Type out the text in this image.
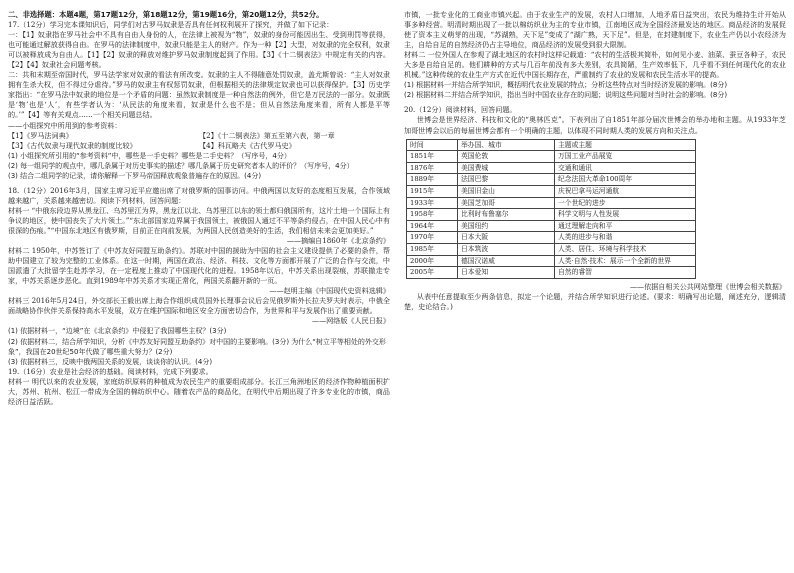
二、非选择题：本题4题，第17题12分，第18题12分，第19题16分，第20题12分，共52分。

17.（12分）学习完本课知识后，同学们对古罗马奴隶是否具有任何权利展开了探究，并做了如下记录：

一：【1】奴隶指在罗马社会中不具有自由人身份的人，在法律上被视为“物”，奴隶的身份可能因出生、受到刑罚等获得，也可能通过解放获得自由。在罗马的法律制度中，奴隶只能是主人的财产。作为一种【2】大型，对奴隶的完全权利，奴隶可以被释放成为自由人。【1】【2】奴隶的释放对维护罗马奴隶制度起到了作用。【3】《十二铜表法》中规定有关的内容。【2】【4】奴隶社会问题考核。

二：共和末期至帝国时代，罗马法学家对奴隶的看法有所改变。奴隶的主人不得随意处罚奴隶，盖尤斯曾说：“主人对奴隶拥有生杀大权，但不得过分虐待。”罗马的奴隶主有权惩罚奴隶，但根据相关的法律规定奴隶也可以获得保护。【3】历史学家指出：“在罗马法中奴隶的地位是一个矛盾的问题：虽然奴隶制度是一种自然法的例外，但它是万民法的一部分。奴隶既是‘物’也是‘人’，有些学者认为：‘从民法的角度来看，奴隶是什么也不是；但从自然法角度来看，所有人都是平等的。’”【4】等有关观点……一个相关问题总结。

——小组探究中所用到的参考资料：

【1】《罗马法词典》	【2】《十二铜表法》第五至第六表，第一章
【3】《古代奴隶与现代奴隶的制度比较》	【4】科瓦略夫《古代罗马史》

(1) 小组探究所引用的“参考资料”中，哪些是一手史料？哪些是二手史料？（写序号，4分）

(2) 每一组同学的观点中，哪几条属于对历史事实的描述？哪几条属于历史研究者本人的评价？（写序号，4分）

(3) 结合二组同学的记录，请你解释一下罗马帝国释放观象普遍存在的原因。(4分)

18.（12分）2016年3月，国家主席习近平应邀出席了对俄罗斯的国事访问。中俄两国以友好的态度相互发展，合作领域越来越广，关系越来越密切。阅读下列材料，回答问题：

材料一 “中俄东段边界从黑龙江、乌苏里江为界，黑龙江以北、乌苏里江以东的领土都归俄国所有，这片土地一个国际上有争议的地区，使中国丧失了大片领土。”“东北部国家边界属于我国领土，被俄国人通过不平等条约侵占，在中国人民心中有很深的伤痕。”“中国东北地区有俄罗斯，目前正在向前发展，为两国人民创造美好的生活，我们相信未来会更加美好。”

——摘编自1860年《北京条约》

材料二 1950年，中苏签订了《中苏友好同盟互助条约》。苏联对中国的援助为中国的社会主义建设提供了必要的条件，帮助中国建立了较为完整的工业体系。在这一时期，两国在政治、经济、科技、文化等方面都开展了广泛的合作与交流，中国派遣了大批留学生赴苏学习，在一定程度上推动了中国现代化的进程。1958年以后，中苏关系出现裂痕，苏联撤走专家，中苏关系逐步恶化。直到1989年中苏关系才实现正常化，两国关系翻开新的一页。

——赵明主编《中国现代史资料选辑》

材料三 2016年5月24日，外交部长王毅出席上海合作组织成员国外长理事会议后会见俄罗斯外长拉夫罗夫时表示，中俄全面战略协作伙伴关系保持高水平发展，双方在维护国际和地区安全方面密切合作，为世界和平与发展作出了重要贡献。

——网络版《人民日报》

(1) 依据材料一，“边境”在《北京条约》中侵犯了我国哪些主权？(3分)

(2) 依据材料二，结合所学知识，分析《中苏友好同盟互助条约》对中国的主要影响。(3分) 为什么“树立平等相处的外交形象”，我国在20世纪50年代做了哪些重大努力？(2分)

(3) 依据材料三，反映中俄两国关系的发展，谈谈你的认识。(4分)

19.（16分）农业是社会经济的基础。阅读材料，完成下列要求。

材料一 明代以来的农业发展，家庭纺织原料的种植成为农民生产的重要组成部分。长江三角洲地区的经济作物种植面积扩大，苏州、杭州、松江一带成为全国的棉纺织中心。随着农产品的商品化，在明代中后期出现了许多专业化的市镇，商品经济日益活跃。

市镇，一批专业化的工商业市镇兴起。由于农业生产的发展，农村人口增加，人地矛盾日益突出，农民为维持生计开始从事多种经营。明清时期出现了一批以棉纺织业为主的专业市镇，江南地区成为全国经济最发达的地区。商品经济的发展促使了资本主义萌芽的出现，“苏湖熟，天下足”变成了“湖广熟，天下足”。但是，在封建制度下，农业生产仍以小农经济为主，自给自足的自然经济仍占主导地位，商品经济的发展受到很大限制。

材料二 一位外国人在参观了湖北地区的农村时这样记载道：“农村的生活极其简朴，如何见小麦、油菜、蚕豆各种子，农民大多是自给自足的。他们耕种的方式与几百年前没有多大差别，农具简陋，生产效率低下，几乎看不到任何现代化的农业机械。”这种传统的农业生产方式在近代中国长期存在，严重制约了农业的发展和农民生活水平的提高。

(1) 根据材料一并结合所学知识，概括明代农业发展的特点；分析这些特点对当时经济发展的影响。(8分)

(2) 根据材料二并结合所学知识，指出当时中国农业存在的问题；说明这些问题对当时社会的影响。(8分)

20.（12分）阅读材料，回答问题。

世博会是世界经济、科技和文化的“奥林匹克”。下表列出了自1851年部分届次世博会的举办地和主题。从1933年芝加哥世博会以后的每届世博会都有一个明确的主题，以体现不同时期人类的发展方向和关注点。

时间	举办国、城市	主题或主题
1851年	英国伦敦	万国工业产品展览
1876年	美国费城	交通和通讯
1889年	法国巴黎	纪念法国大革命100周年
1915年	美国旧金山	庆祝巴拿马运河通航
1933年	美国芝加哥	一个世纪的进步
1958年	比利时布鲁塞尔	科学文明与人性发展
1964年	美国纽约	通过理解走向和平
1970年	日本大阪	人类的进步与和谐
1985年	日本筑波	人类、居住、环境与科学技术
2000年	德国汉诺威	人类·自然·技术：展示一个全新的世界
2005年	日本爱知	自然的睿智

——依据自相关公共网站整理《世博会相关数据》

从表中任意提取至少两条信息，拟定一个论题，并结合所学知识进行论述。(要求：明确写出论题，阐述充分，逻辑清楚，史论结合。)
